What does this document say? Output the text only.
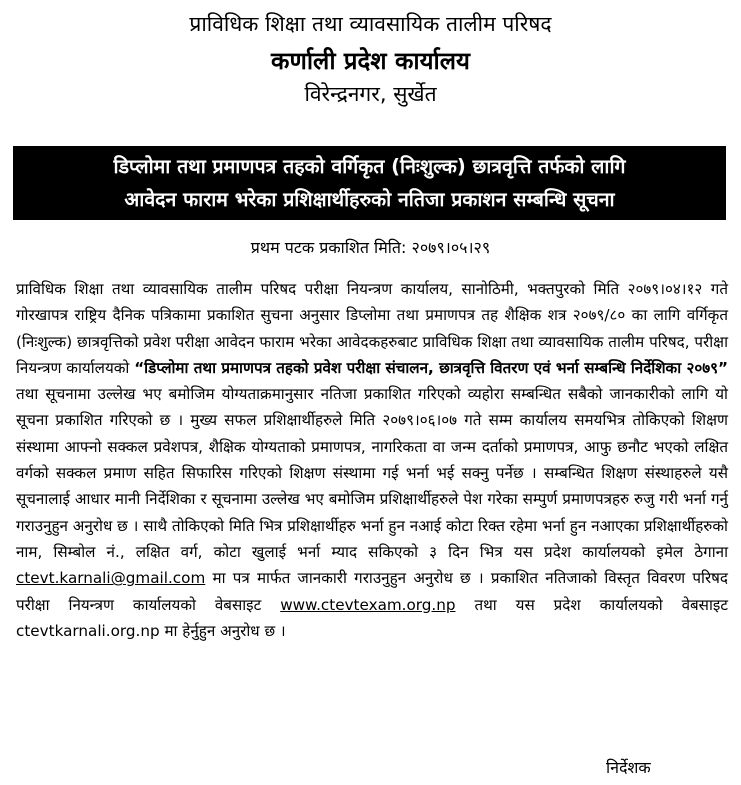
प्राविधिक शिक्षा तथा व्यावसायिक तालीम परिषद
कर्णाली प्रदेश कार्यालय
विरेन्द्रनगर, सुर्खेत
डिप्लोमा तथा प्रमाणपत्र तहको वर्गिकृत (निःशुल्क) छात्रवृत्ति तर्फको लागि
आवेदन फाराम भरेका प्रशिक्षार्थीहरुको नतिजा प्रकाशन सम्बन्धि सूचना
प्रथम पटक प्रकाशित मिति: २०७९।०५।२९
प्राविधिक शिक्षा तथा व्यावसायिक तालीम परिषद परीक्षा नियन्त्रण कार्यालय, सानोठिमी, भक्तपुरको मिति २०७९।०४।१२ गते गोरखापत्र राष्ट्रिय दैनिक पत्रिकामा प्रकाशित सुचना अनुसार डिप्लोमा तथा प्रमाणपत्र तह शैक्षिक शत्र २०७९/८० का लागि वर्गिकृत (निःशुल्क) छात्रवृत्तिको प्रवेश परीक्षा आवेदन फाराम भरेका आवेदकहरुबाट प्राविधिक शिक्षा तथा व्यावसायिक तालीम परिषद, परीक्षा नियन्त्रण कार्यालयको “डिप्लोमा तथा प्रमाणपत्र तहको प्रवेश परीक्षा संचालन, छात्रवृत्ति वितरण एवं भर्ना सम्बन्धि निर्देशिका २०७९” तथा सूचनामा उल्लेख भए बमोजिम योग्यताक्रमानुसार नतिजा प्रकाशित गरिएको व्यहोरा सम्बन्धित सबैको जानकारीको लागि यो सूचना प्रकाशित गरिएको छ । मुख्य सफल प्रशिक्षार्थीहरुले मिति २०७९।०६।०७ गते सम्म कार्यालय समयभित्र तोकिएको शिक्षण संस्थामा आफ्नो सक्कल प्रवेशपत्र, शैक्षिक योग्यताको प्रमाणपत्र, नागरिकता वा जन्म दर्ताको प्रमाणपत्र, आफु छनौट भएको लक्षित वर्गको सक्कल प्रमाण सहित सिफारिस गरिएको शिक्षण संस्थामा गई भर्ना भई सक्नु पर्नेछ । सम्बन्धित शिक्षण संस्थाहरुले यसै सूचनालाई आधार मानी निर्देशिका र सूचनामा उल्लेख भए बमोजिम प्रशिक्षार्थीहरुले पेश गरेका सम्पुर्ण प्रमाणपत्रहरु रुजु गरी भर्ना गर्नु गराउनुहुन अनुरोध छ । साथै तोकिएको मिति भित्र प्रशिक्षार्थीहरु भर्ना हुन नआई कोटा रिक्त रहेमा भर्ना हुन नआएका प्रशिक्षार्थीहरुको नाम, सिम्बोल नं., लक्षित वर्ग, कोटा खुलाई भर्ना म्याद सकिएको ३ दिन भित्र यस प्रदेश कार्यालयको इमेल ठेगाना ctevt.karnali@gmail.com मा पत्र मार्फत जानकारी गराउनुहुन अनुरोध छ । प्रकाशित नतिजाको विस्तृत विवरण परिषद परीक्षा नियन्त्रण कार्यालयको वेबसाइट www.ctevtexam.org.np तथा यस प्रदेश कार्यालयको वेबसाइट ctevtkarnali.org.np मा हेर्नुहुन अनुरोध छ ।
निर्देशक
